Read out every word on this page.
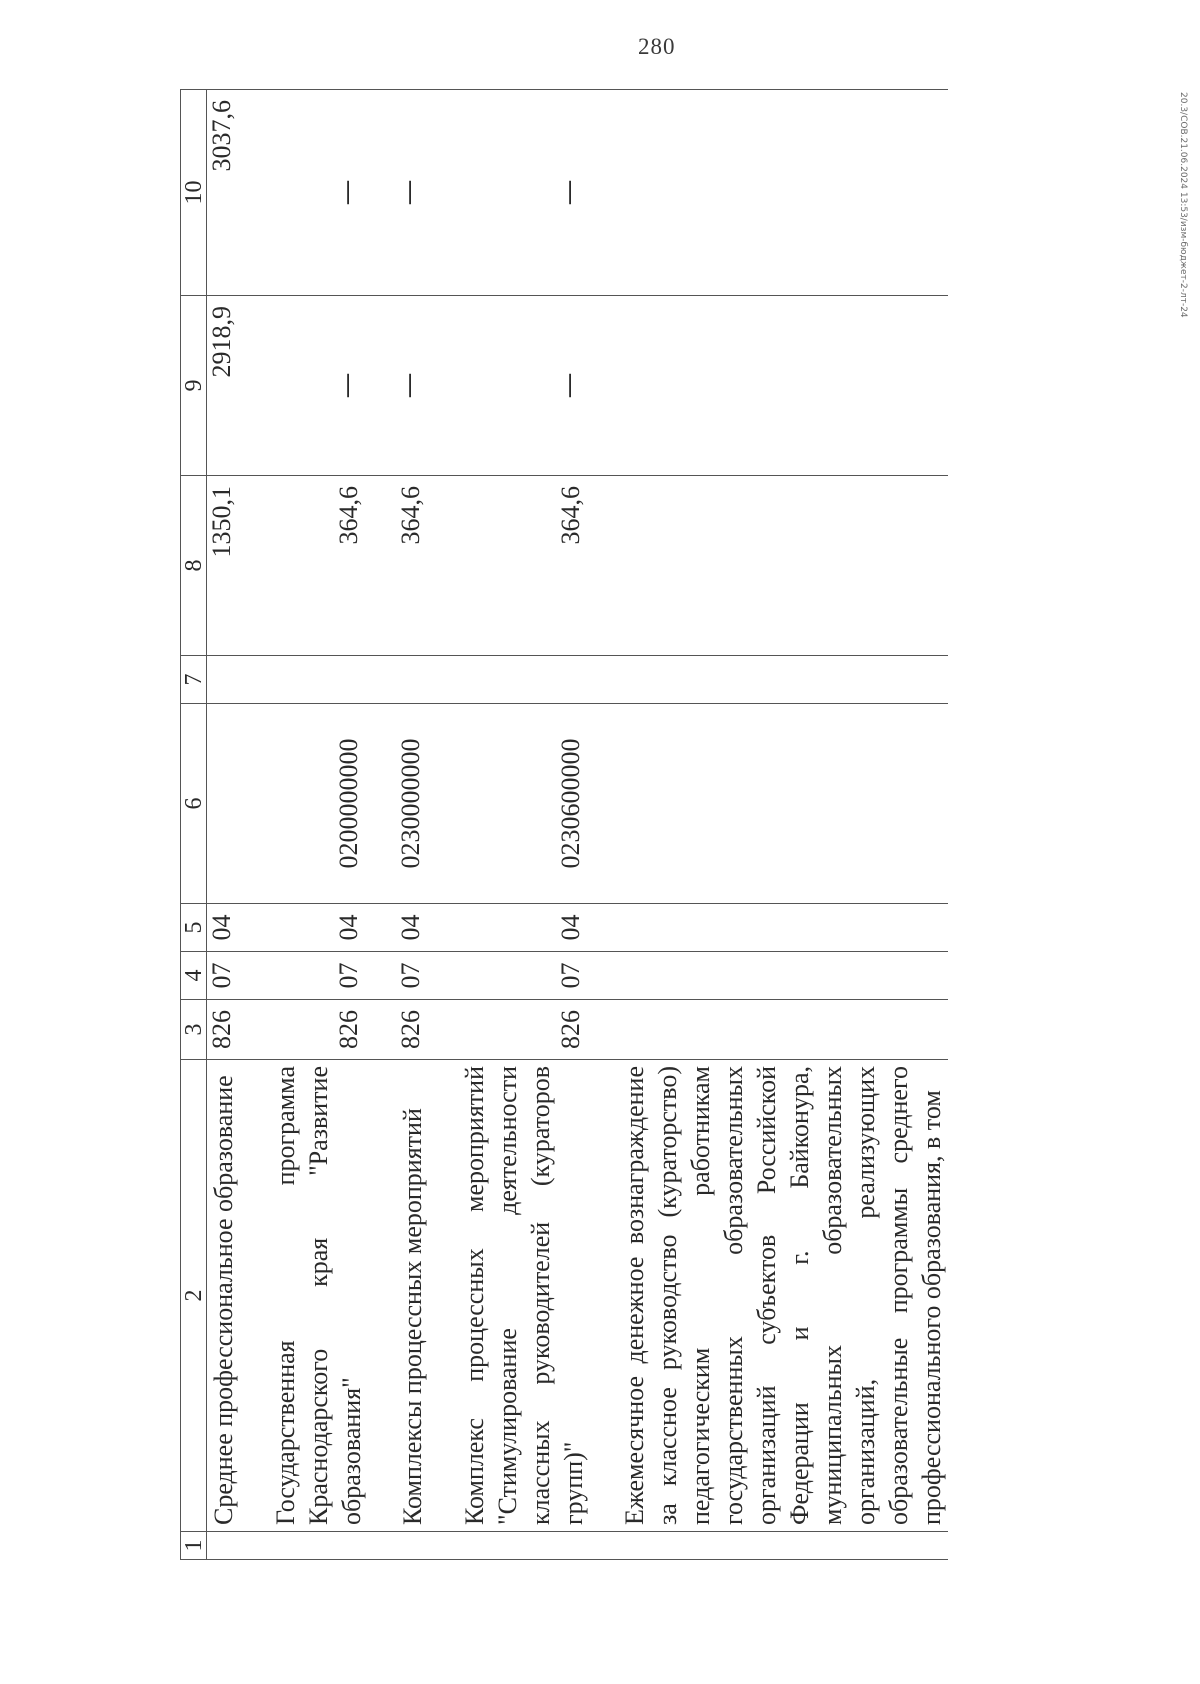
280
20.3/СОВ.21.06.2024 13:53/изм-бюджет-2-лт-24
1	2	3	4	5	6	7	8	9	10
	Среднее профессиональное образование	826	07	04			1350,1	2918,9	3037,6

	Государственная программа Краснодарского края "Развитие образования"	826	07	04	0200000000		364,6	—	—

	Комплексы процессных мероприятий	826	07	04	0230000000		364,6	—	—

	Комплекс процессных мероприятий "Стимулирование деятельности классных руководителей (кураторов групп)"	826	07	04	0230600000		364,6	—	—

	Ежемесячное денежное вознаграждение за классное руководство (кураторство) педагогическим работникам государственных образовательных организаций субъектов Российской Федерации и г. Байконура, муниципальных образовательных организаций, реализующих образовательные программы среднего профессионального образования, в том								
